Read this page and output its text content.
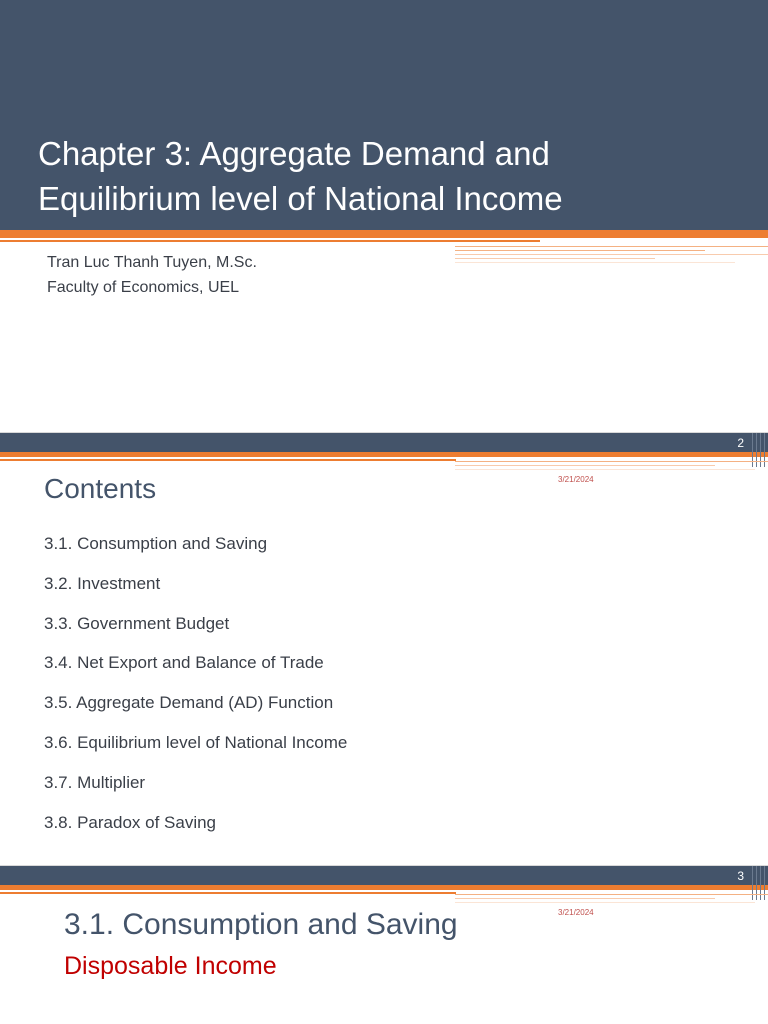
Chapter 3: Aggregate Demand and
Equilibrium level of National Income
Tran Luc Thanh Tuyen, M.Sc.
Faculty of Economics, UEL
2
3/21/2024
Contents
3.1. Consumption and Saving
3.2. Investment
3.3. Government Budget
3.4. Net Export and Balance of Trade
3.5. Aggregate Demand (AD) Function
3.6. Equilibrium level of National Income
3.7. Multiplier
3.8. Paradox of Saving
3
3/21/2024
3.1. Consumption and Saving
Disposable Income
